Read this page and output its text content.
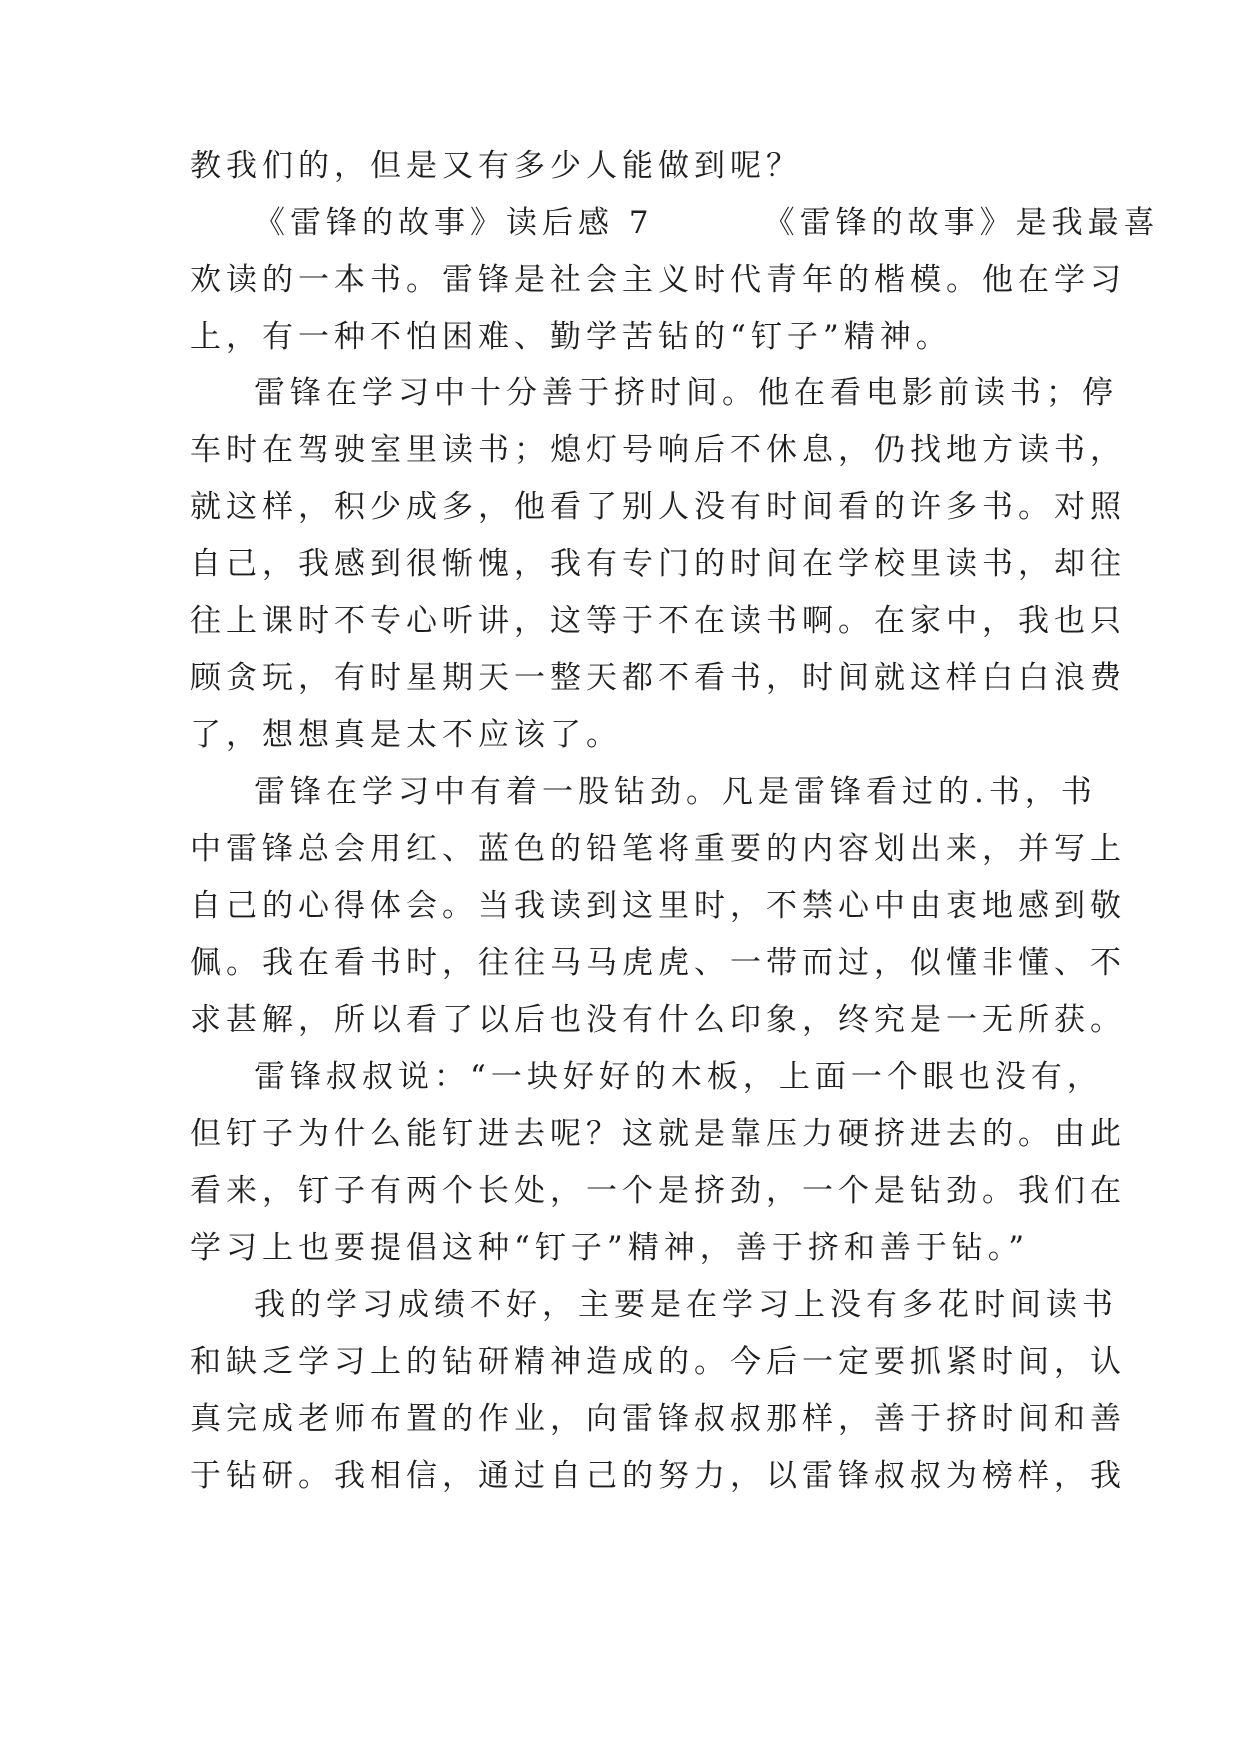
教我们的，但是又有多少人能做到呢？
《雷锋的故事》读后感 7	《雷锋的故事》是我最喜
欢读的一本书。雷锋是社会主义时代青年的楷模。他在学习
上，有一种不怕困难、勤学苦钻的“钉子”精神。
雷锋在学习中十分善于挤时间。他在看电影前读书；停
车时在驾驶室里读书；熄灯号响后不休息，仍找地方读书，
就这样，积少成多，他看了别人没有时间看的许多书。对照
自己，我感到很惭愧，我有专门的时间在学校里读书，却往
往上课时不专心听讲，这等于不在读书啊。在家中，我也只
顾贪玩，有时星期天一整天都不看书，时间就这样白白浪费
了，想想真是太不应该了。
雷锋在学习中有着一股钻劲。凡是雷锋看过的.书，书
中雷锋总会用红、蓝色的铅笔将重要的内容划出来，并写上
自己的心得体会。当我读到这里时，不禁心中由衷地感到敬
佩。我在看书时，往往马马虎虎、一带而过，似懂非懂、不
求甚解，所以看了以后也没有什么印象，终究是一无所获。
雷锋叔叔说：“一块好好的木板，上面一个眼也没有，
但钉子为什么能钉进去呢？这就是靠压力硬挤进去的。由此
看来，钉子有两个长处，一个是挤劲，一个是钻劲。我们在
学习上也要提倡这种“钉子”精神，善于挤和善于钻。”
我的学习成绩不好，主要是在学习上没有多花时间读书
和缺乏学习上的钻研精神造成的。今后一定要抓紧时间，认
真完成老师布置的作业，向雷锋叔叔那样，善于挤时间和善
于钻研。我相信，通过自己的努力，以雷锋叔叔为榜样，我
